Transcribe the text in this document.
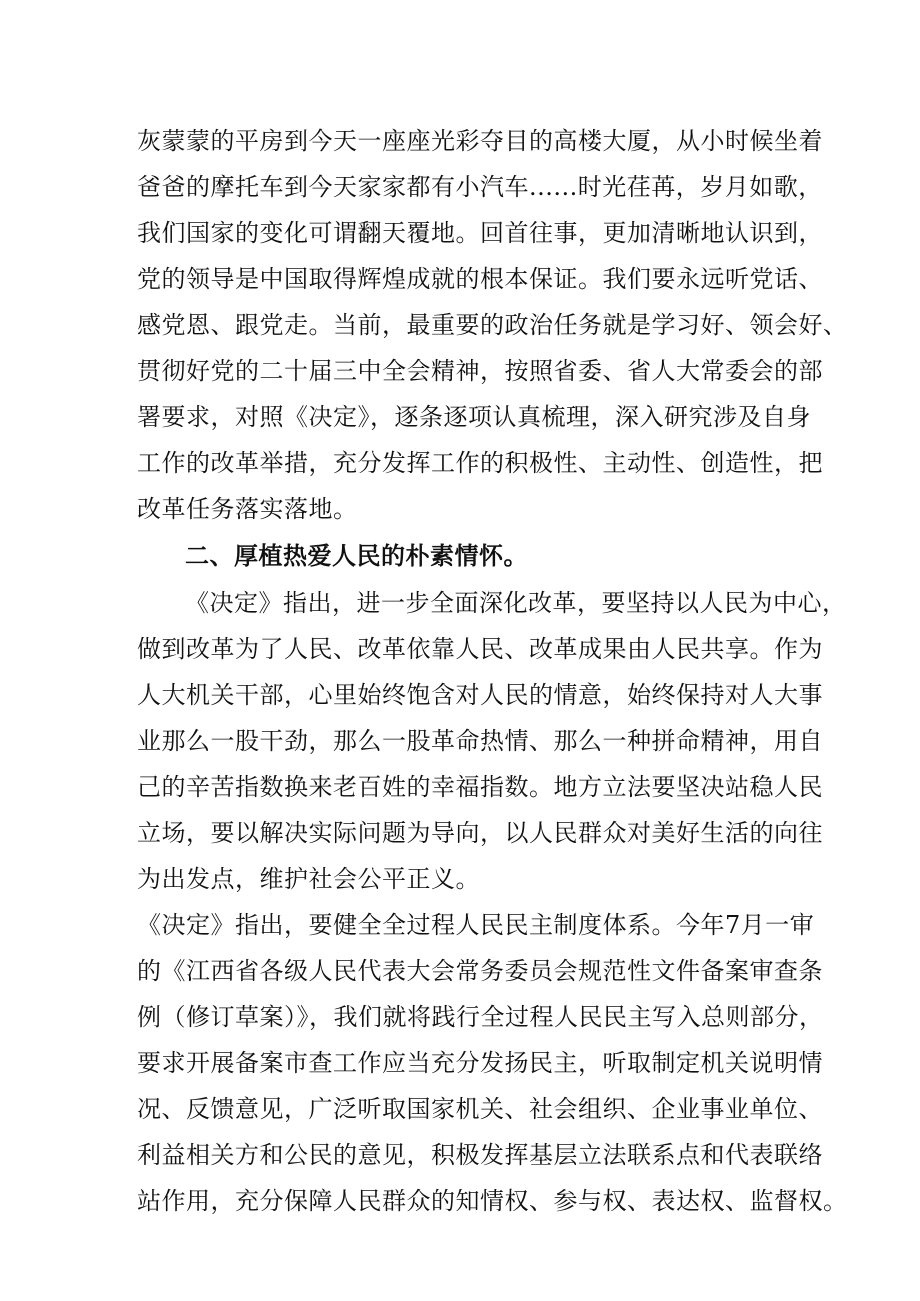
灰蒙蒙的平房到今天一座座光彩夺目的高楼大厦，从小时候坐着
爸爸的摩托车到今天家家都有小汽车......时光荏苒，岁月如歌，
我们国家的变化可谓翻天覆地。回首往事，更加清晰地认识到，
党的领导是中国取得辉煌成就的根本保证。我们要永远听党话、
感党恩、跟党走。当前，最重要的政治任务就是学习好、领会好、
贯彻好党的二十届三中全会精神，按照省委、省人大常委会的部
署要求，对照《决定》，逐条逐项认真梳理，深入研究涉及自身
工作的改革举措，充分发挥工作的积极性、主动性、创造性，把
改革任务落实落地。
二、厚植热爱人民的朴素情怀。
《决定》指出，进一步全面深化改革，要坚持以人民为中心，
做到改革为了人民、改革依靠人民、改革成果由人民共享。作为
人大机关干部，心里始终饱含对人民的情意，始终保持对人大事
业那么一股干劲，那么一股革命热情、那么一种拼命精神，用自
己的辛苦指数换来老百姓的幸福指数。地方立法要坚决站稳人民
立场，要以解决实际问题为导向，以人民群众对美好生活的向往
为出发点，维护社会公平正义。
《决定》指出，要健全全过程人民民主制度体系。今年7月一审
的《江西省各级人民代表大会常务委员会规范性文件备案审查条
例（修订草案）》，我们就将践行全过程人民民主写入总则部分，
要求开展备案市查工作应当充分发扬民主，听取制定机关说明情
况、反馈意见，广泛听取国家机关、社会组织、企业事业单位、
利益相关方和公民的意见，积极发挥基层立法联系点和代表联络
站作用，充分保障人民群众的知情权、参与权、表达权、监督权。
